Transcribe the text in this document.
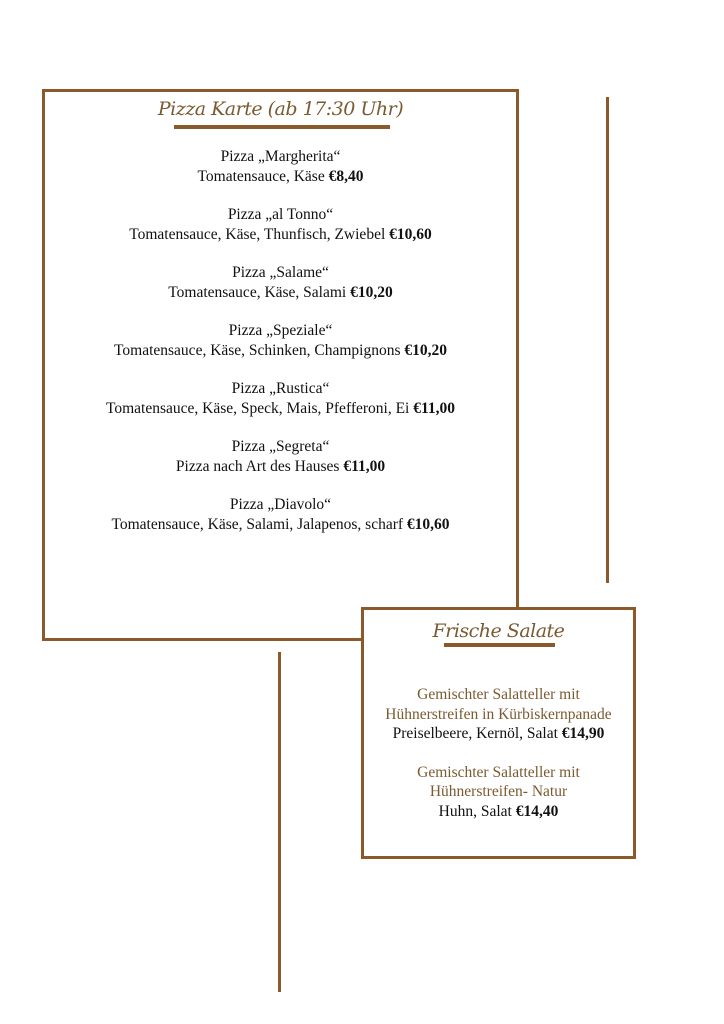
Pizza Karte (ab 17:30 Uhr)
Pizza „Margherita“
Tomatensauce, Käse €8,40
Pizza „al Tonno“
Tomatensauce, Käse, Thunfisch, Zwiebel €10,60
Pizza „Salame“
Tomatensauce, Käse, Salami €10,20
Pizza „Speziale“
Tomatensauce, Käse, Schinken, Champignons €10,20
Pizza „Rustica“
Tomatensauce, Käse, Speck, Mais, Pfefferoni, Ei €11,00
Pizza „Segreta“
Pizza nach Art des Hauses €11,00
Pizza „Diavolo“
Tomatensauce, Käse, Salami, Jalapenos, scharf €10,60
Frische Salate
Gemischter Salatteller mit
Hühnerstreifen in Kürbiskernpanade
Preiselbeere, Kernöl, Salat €14,90
Gemischter Salatteller mit
Hühnerstreifen- Natur
Huhn, Salat €14,40
